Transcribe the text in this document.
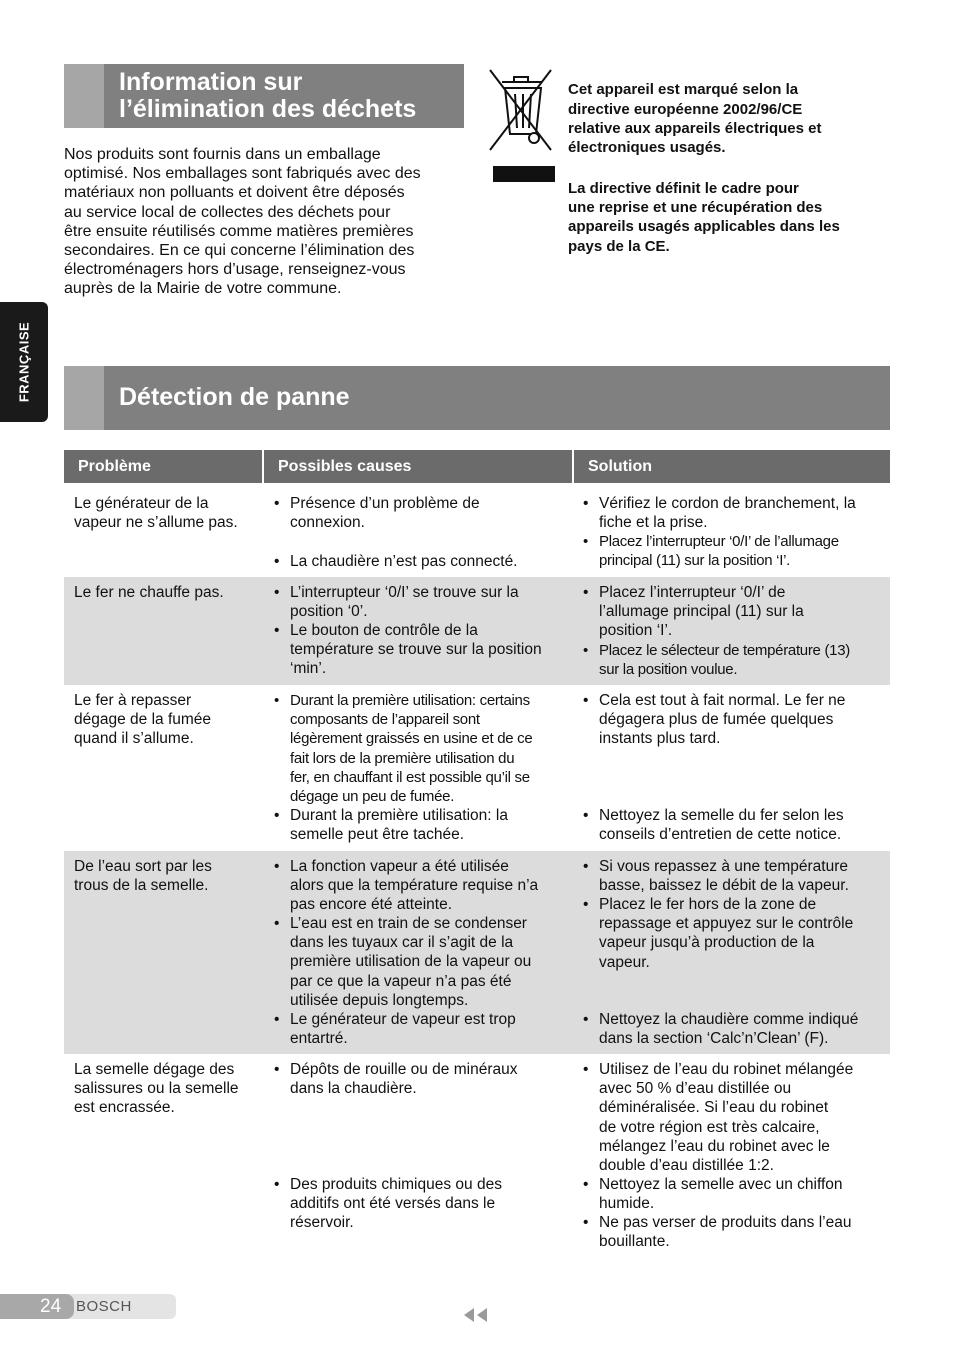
FRANÇAISE
Information sur
l’élimination des déchets
Nos produits sont fournis dans un emballage
optimisé. Nos emballages sont fabriqués avec des
matériaux non polluants et doivent être déposés
au service local de collectes des déchets pour
être ensuite réutilisés comme matières premières
secondaires. En ce qui concerne l’élimination des
électroménagers hors d’usage, renseignez-vous
auprès de la Mairie de votre commune.

Cet appareil est marqué selon la
directive européenne 2002/96/CE
relative aux appareils électriques et
électroniques usagés.

La directive définit le cadre pour
une reprise et une récupération des
appareils usagés applicables dans les
pays de la CE.

Détection de panne
Problème	Possibles causes	Solution
Le générateur de la
vapeur ne s’allume pas.
• Présence d’un problème de
connexion.
• La chaudière n’est pas connecté.
• Vérifiez le cordon de branchement, la
fiche et la prise.
• Placez l’interrupteur ‘0/I’ de l’allumage
principal (11) sur la position ‘I’.
Le fer ne chauffe pas.
•	L’interrupteur ‘0/I’ se trouve sur la
position ‘0’.
• Le bouton de contrôle de la
température se trouve sur la position
‘min’.
• Placez l’interrupteur ‘0/I’ de
l’allumage principal (11) sur la
position ‘I’.
• Placez le sélecteur de température (13)
sur la position voulue.
Le fer à repasser
dégage de la fumée
quand il s’allume.
• Durant la première utilisation: certains
composants de l’appareil sont
légèrement graissés en usine et de ce
fait lors de la première utilisation du
fer, en chauffant il est possible qu’il se
dégage un peu de fumée.
• Durant la première utilisation: la
semelle peut être tachée.
• Cela est tout à fait normal. Le fer ne
dégagera plus de fumée quelques
instants plus tard.
• Nettoyez la semelle du fer selon les
conseils d’entretien de cette notice.
De l’eau sort par les
trous de la semelle.
• La fonction vapeur a été utilisée
alors que la température requise n’a
pas encore été atteinte.
• L’eau est en train de se condenser
dans les tuyaux car il s’agit de la
première utilisation de la vapeur ou
par ce que la vapeur n’a pas été
utilisée depuis longtemps.
• Le générateur de vapeur est trop
entartré.
• Si vous repassez à une température
basse, baissez le débit de la vapeur.
• Placez le fer hors de la zone de
repassage et appuyez sur le contrôle
vapeur jusqu’à production de la
vapeur.
• Nettoyez la chaudière comme indiqué
dans la section ‘Calc’n’Clean’ (F).
La semelle dégage des
salissures ou la semelle
est encrassée.
• Dépôts de rouille ou de minéraux
dans la chaudière.
• Des produits chimiques ou des
additifs ont été versés dans le
réservoir.
• Utilisez de l’eau du robinet mélangée
avec 50 % d’eau distillée ou
déminéralisée. Si l’eau du robinet
de votre région est très calcaire,
mélangez l’eau du robinet avec le
double d’eau distillée 1:2.
• Nettoyez la semelle avec un chiffon
humide.
• Ne pas verser de produits dans l’eau
bouillante.
24 BOSCH
